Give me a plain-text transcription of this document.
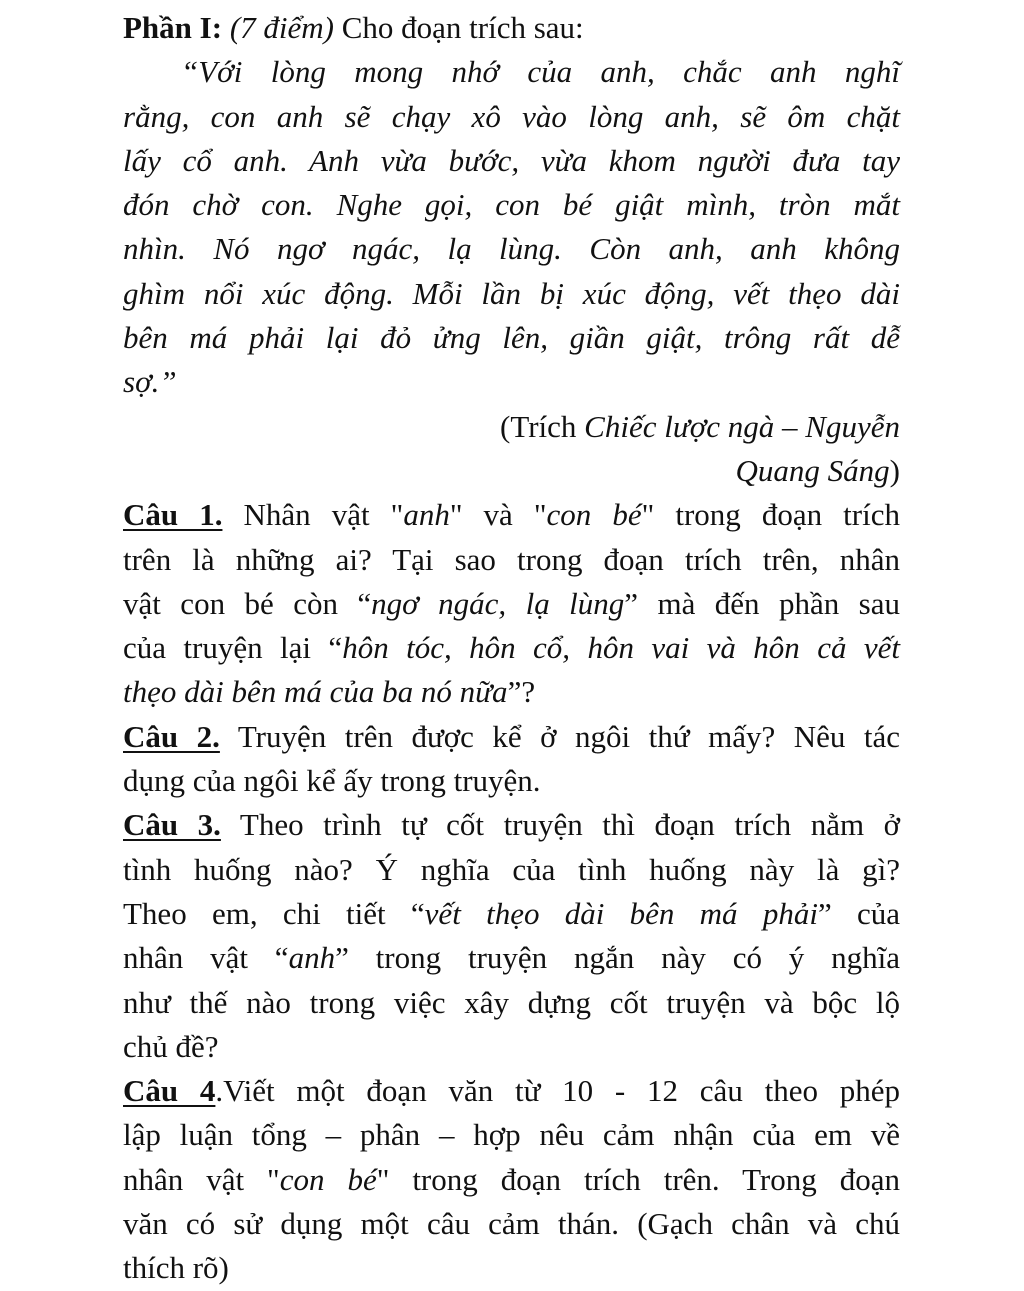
Phần I: (7 điểm) Cho đoạn trích sau:
“Với lòng mong nhớ của anh, chắc anh nghĩ
rằng, con anh sẽ chạy xô vào lòng anh, sẽ ôm chặt
lấy cổ anh. Anh vừa bước, vừa khom người đưa tay
đón chờ con. Nghe gọi, con bé giật mình, tròn mắt
nhìn. Nó ngơ ngác, lạ lùng. Còn anh, anh không
ghìm nổi xúc động. Mỗi lần bị xúc động, vết thẹo dài
bên má phải lại đỏ ửng lên, giần giật, trông rất dễ
sợ.”
(Trích Chiếc lược ngà – Nguyễn
Quang Sáng)
Câu 1. Nhân vật "anh" và "con bé" trong đoạn trích
trên là những ai? Tại sao trong đoạn trích trên, nhân
vật con bé còn “ngơ ngác, lạ lùng” mà đến phần sau
của truyện lại “hôn tóc, hôn cổ, hôn vai và hôn cả vết
thẹo dài bên má của ba nó nữa”?
Câu 2. Truyện trên được kể ở ngôi thứ mấy? Nêu tác
dụng của ngôi kể ấy trong truyện.
Câu 3. Theo trình tự cốt truyện thì đoạn trích nằm ở
tình huống nào? Ý nghĩa của tình huống này là gì?
Theo em, chi tiết “vết thẹo dài bên má phải” của
nhân vật “anh” trong truyện ngắn này có ý nghĩa
như thế nào trong việc xây dựng cốt truyện và bộc lộ
chủ đề?
Câu 4.Viết một đoạn văn từ 10 - 12 câu theo phép
lập luận tổng – phân – hợp nêu cảm nhận của em về
nhân vật "con bé" trong đoạn trích trên. Trong đoạn
văn có sử dụng một câu cảm thán. (Gạch chân và chú
thích rõ)
